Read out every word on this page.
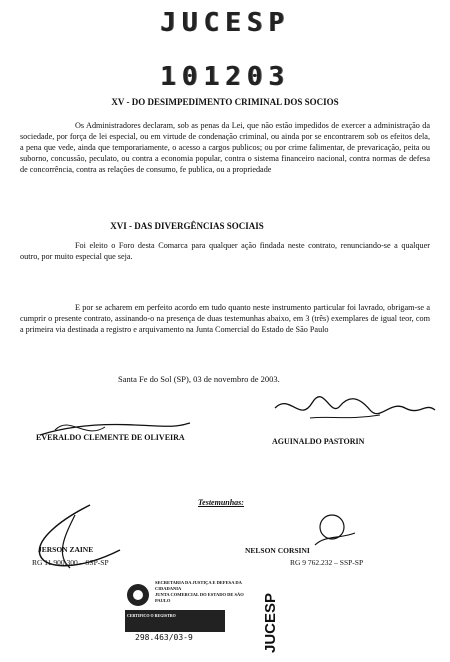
JUCESP
101203
XV - DO DESIMPEDIMENTO CRIMINAL DOS SOCIOS

Os Administradores declaram, sob as penas da Lei, que não estão impedidos de exercer a administração da sociedade, por força de lei especial, ou em virtude de condenação criminal, ou ainda por se encontrarem sob os efeitos dela, a pena que vede, ainda que temporariamente, o acesso a cargos publicos; ou por crime falimentar, de prevaricação, peita ou suborno, concussão, peculato, ou contra a economia popular, contra o sistema financeiro nacional, contra normas de defesa de concorrência, contra as relações de consumo, fe publica, ou a propriedade

XVI - DAS DIVERGÊNCIAS SOCIAIS

Foi eleito o Foro desta Comarca para qualquer ação findada neste contrato, renunciando-se a qualquer outro, por muito especial que seja.

E por se acharem em perfeito acordo em tudo quanto neste instrumento particular foi lavrado, obrigam-se a cumprir o presente contrato, assinando-o na presença de duas testemunhas abaixo, em 3 (três) exemplares de igual teor, com a primeira via destinada a registro e arquivamento na Junta Comercial do Estado de São Paulo

Santa Fe do Sol (SP), 03 de novembro de 2003.
EVERALDO CLEMENTE DE OLIVEIRA	AGUINALDO PASTORIN
Testemunhas:
JERSON ZAINE
RG 11.900.300 – SSP-SP
NELSON CORSINI
RG 9 762.232 – SSP-SP
SECRETARIA DA JUSTIÇA E DEFESA DA CIDADANIA
JUNTA COMERCIAL DO ESTADO DE SÃO PAULO
CERTIFICO O REGISTRO
298.463/03-9	JUCESP
